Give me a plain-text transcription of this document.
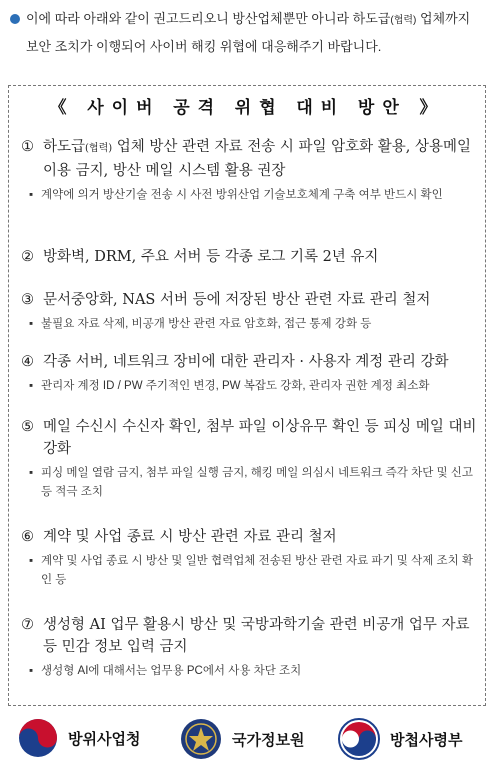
이에 따라 아래와 같이 권고드리오니 방산업체뿐만 아니라 하도급(협력) 업체까지
보안 조치가 이행되어 사이버 해킹 위협에 대응해주기 바랍니다.
《 사이버 공격 위협 대비 방안 》
① 하도급(협력) 업체 방산 관련 자료 전송 시 파일 암호화 활용, 상용메일 이용 금지, 방산 메일 시스템 활용 권장
▪ 계약에 의거 방산기술 전송 시 사전 방위산업 기술보호체계 구축 여부 반드시 확인
② 방화벽, DRM, 주요 서버 등 각종 로그 기록 2년 유지
③ 문서중앙화, NAS 서버 등에 저장된 방산 관련 자료 관리 철저
▪ 불필요 자료 삭제, 비공개 방산 관련 자료 암호화, 접근 통제 강화 등
④ 각종 서버, 네트워크 장비에 대한 관리자 · 사용자 계정 관리 강화
▪ 관리자 계정 ID / PW 주기적인 변경, PW 복잡도 강화, 관리자 권한 계정 최소화
⑤ 메일 수신시 수신자 확인, 첨부 파일 이상유무 확인 등 피싱 메일 대비 강화
▪ 피싱 메일 열람 금지, 첨부 파일 실행 금지, 해킹 메일 의심시 네트워크 즉각 차단 및 신고 등 적극 조치
⑥ 계약 및 사업 종료 시 방산 관련 자료 관리 철저
▪ 계약 및 사업 종료 시 방산 및 일반 협력업체 전송된 방산 관련 자료 파기 및 삭제 조치 확인 등
⑦ 생성형 AI 업무 활용시 방산 및 국방과학기술 관련 비공개 업무 자료 등 민감 정보 입력 금지
▪ 생성형 AI에 대해서는 업무용 PC에서 사용 차단 조치
방위사업청	국가정보원	방첩사령부
